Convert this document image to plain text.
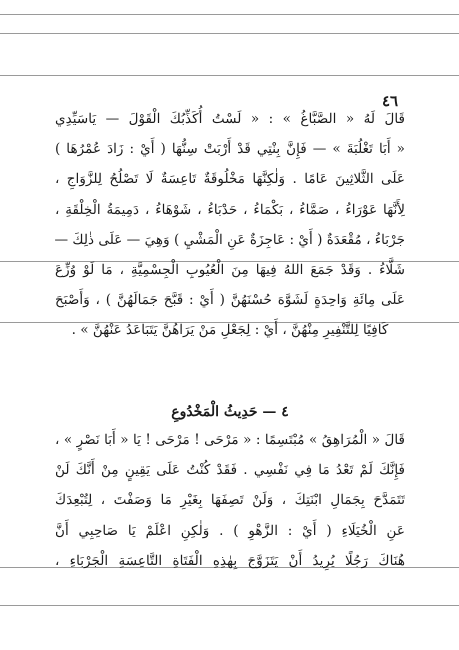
٤٦
قَالَ لَهُ « الصَّبَّاغُ » : « لَسْتُ أُكَذِّبُكَ الْقَوْلَ — يَاسَيِّدِي
« أَبَا تَغْلُبَةَ » — فَإِنَّ بِنْتِي قَدْ أَرْبَتْ سِنُّهَا ( أَيْ : زَادَ عُمْرُهَا )
عَلَى الثَّلاثِينَ عَامًا . وَلٰكِنَّهَا مَخْلُوقَةٌ تَاعِسَةٌ لَا تَصْلُحُ لِلزَّوَاجِ ،
لِأَنَّهَا عَوْرَاءُ ، صَمَّاءُ ، بَكْمَاءُ ، حَدْبَاءُ ، شَوْهَاءُ ، دَمِيمَةُ الْخِلْقَةِ ،
جَرْبَاءُ ، مُقْعَدَةٌ ( أَيْ : عَاجِزَةٌ عَنِ الْمَشْيِ ) وَهِيَ — عَلَى ذٰلِكَ —
شَلَّاءُ . وَقَدْ جَمَعَ اللهُ فِيهَا مِنَ الْعُيُوبِ الْجِسْمِيَّةِ ، مَا لَوْ وُزِّعَ
عَلَى مِائَةِ وَاحِدَةٍ لَشَوَّهَ حُسْنَهُنَّ ( أَيْ : قَبَّحَ جَمَالَهُنَّ ) ، وَأَصْبَحَ
كَافِيًا لِلتَّنْفِيرِ مِنْهُنَّ ، أَيْ : لِجَعْلِ مَنْ يَرَاهُنَّ يَتَبَاعَدُ عَنْهُنَّ » .
٤ — حَدِيثُ الْمَخْدُوعِ
قَالَ « الْمُرَاهِقُ » مُبْتَسِمًا : « مَرْحَى ! مَرْحَى ! يَا « أَبَا نَصْرٍ » ،
فَإِنَّكَ لَمْ تَعْدُ مَا فِي نَفْسِي . فَقَدْ كُنْتُ عَلَى يَقِينٍ مِنْ أَنَّكَ لَنْ
تَتَمَدَّحَ بِجَمَالِ ابْنَتِكَ ، وَلَنْ تَصِفَهَا بِغَيْرِ مَا وَصَفْتَ ، لِتُبْعِدَكَ
عَنِ الْخُيَلَاءِ ( أَيْ : الزَّهْوِ ) . وَلٰكِنِ اعْلَمْ يَا صَاحِبِي أَنَّ
هُنَاكَ رَجُلًا يُرِيدُ أَنْ يَتَزَوَّجَ بِهٰذِهِ الْفَتَاةِ التَّاعِسَةِ الْجَرْبَاءِ ،
